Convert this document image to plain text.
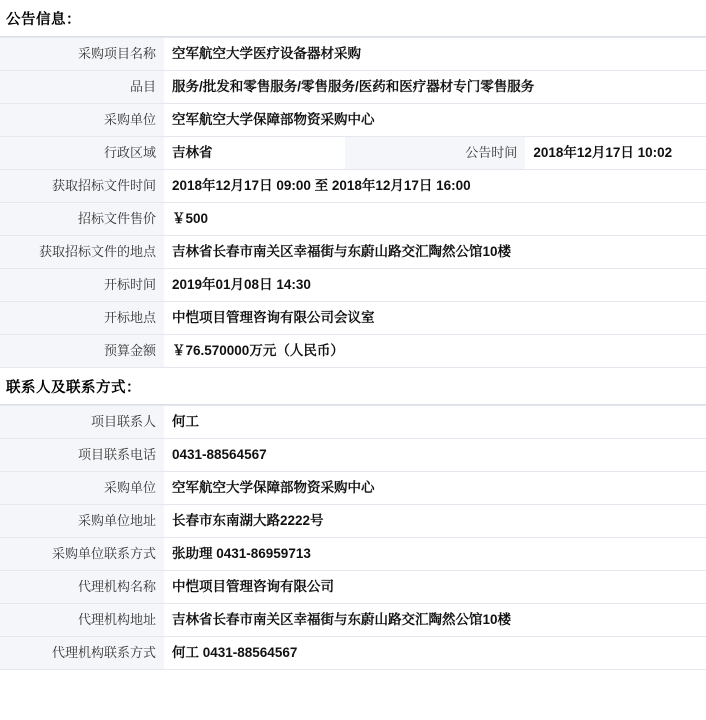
公告信息：
采购项目名称	空军航空大学医疗设备器材采购		
品目	服务/批发和零售服务/零售服务/医药和医疗器材专门零售服务		
采购单位	空军航空大学保障部物资采购中心		
行政区域	吉林省	公告时间	2018年12月17日 10:02
获取招标文件时间	2018年12月17日 09:00 至 2018年12月17日 16:00		
招标文件售价	￥500		
获取招标文件的地点	吉林省长春市南关区幸福街与东蔚山路交汇陶然公馆10楼		
开标时间	2019年01月08日 14:30		
开标地点	中恺项目管理咨询有限公司会议室		
预算金额	￥76.570000万元（人民币）		
联系人及联系方式：
项目联系人	何工
项目联系电话	0431-88564567
采购单位	空军航空大学保障部物资采购中心
采购单位地址	长春市东南湖大路2222号
采购单位联系方式	张助理 0431-86959713
代理机构名称	中恺项目管理咨询有限公司
代理机构地址	吉林省长春市南关区幸福街与东蔚山路交汇陶然公馆10楼
代理机构联系方式	何工 0431-88564567
